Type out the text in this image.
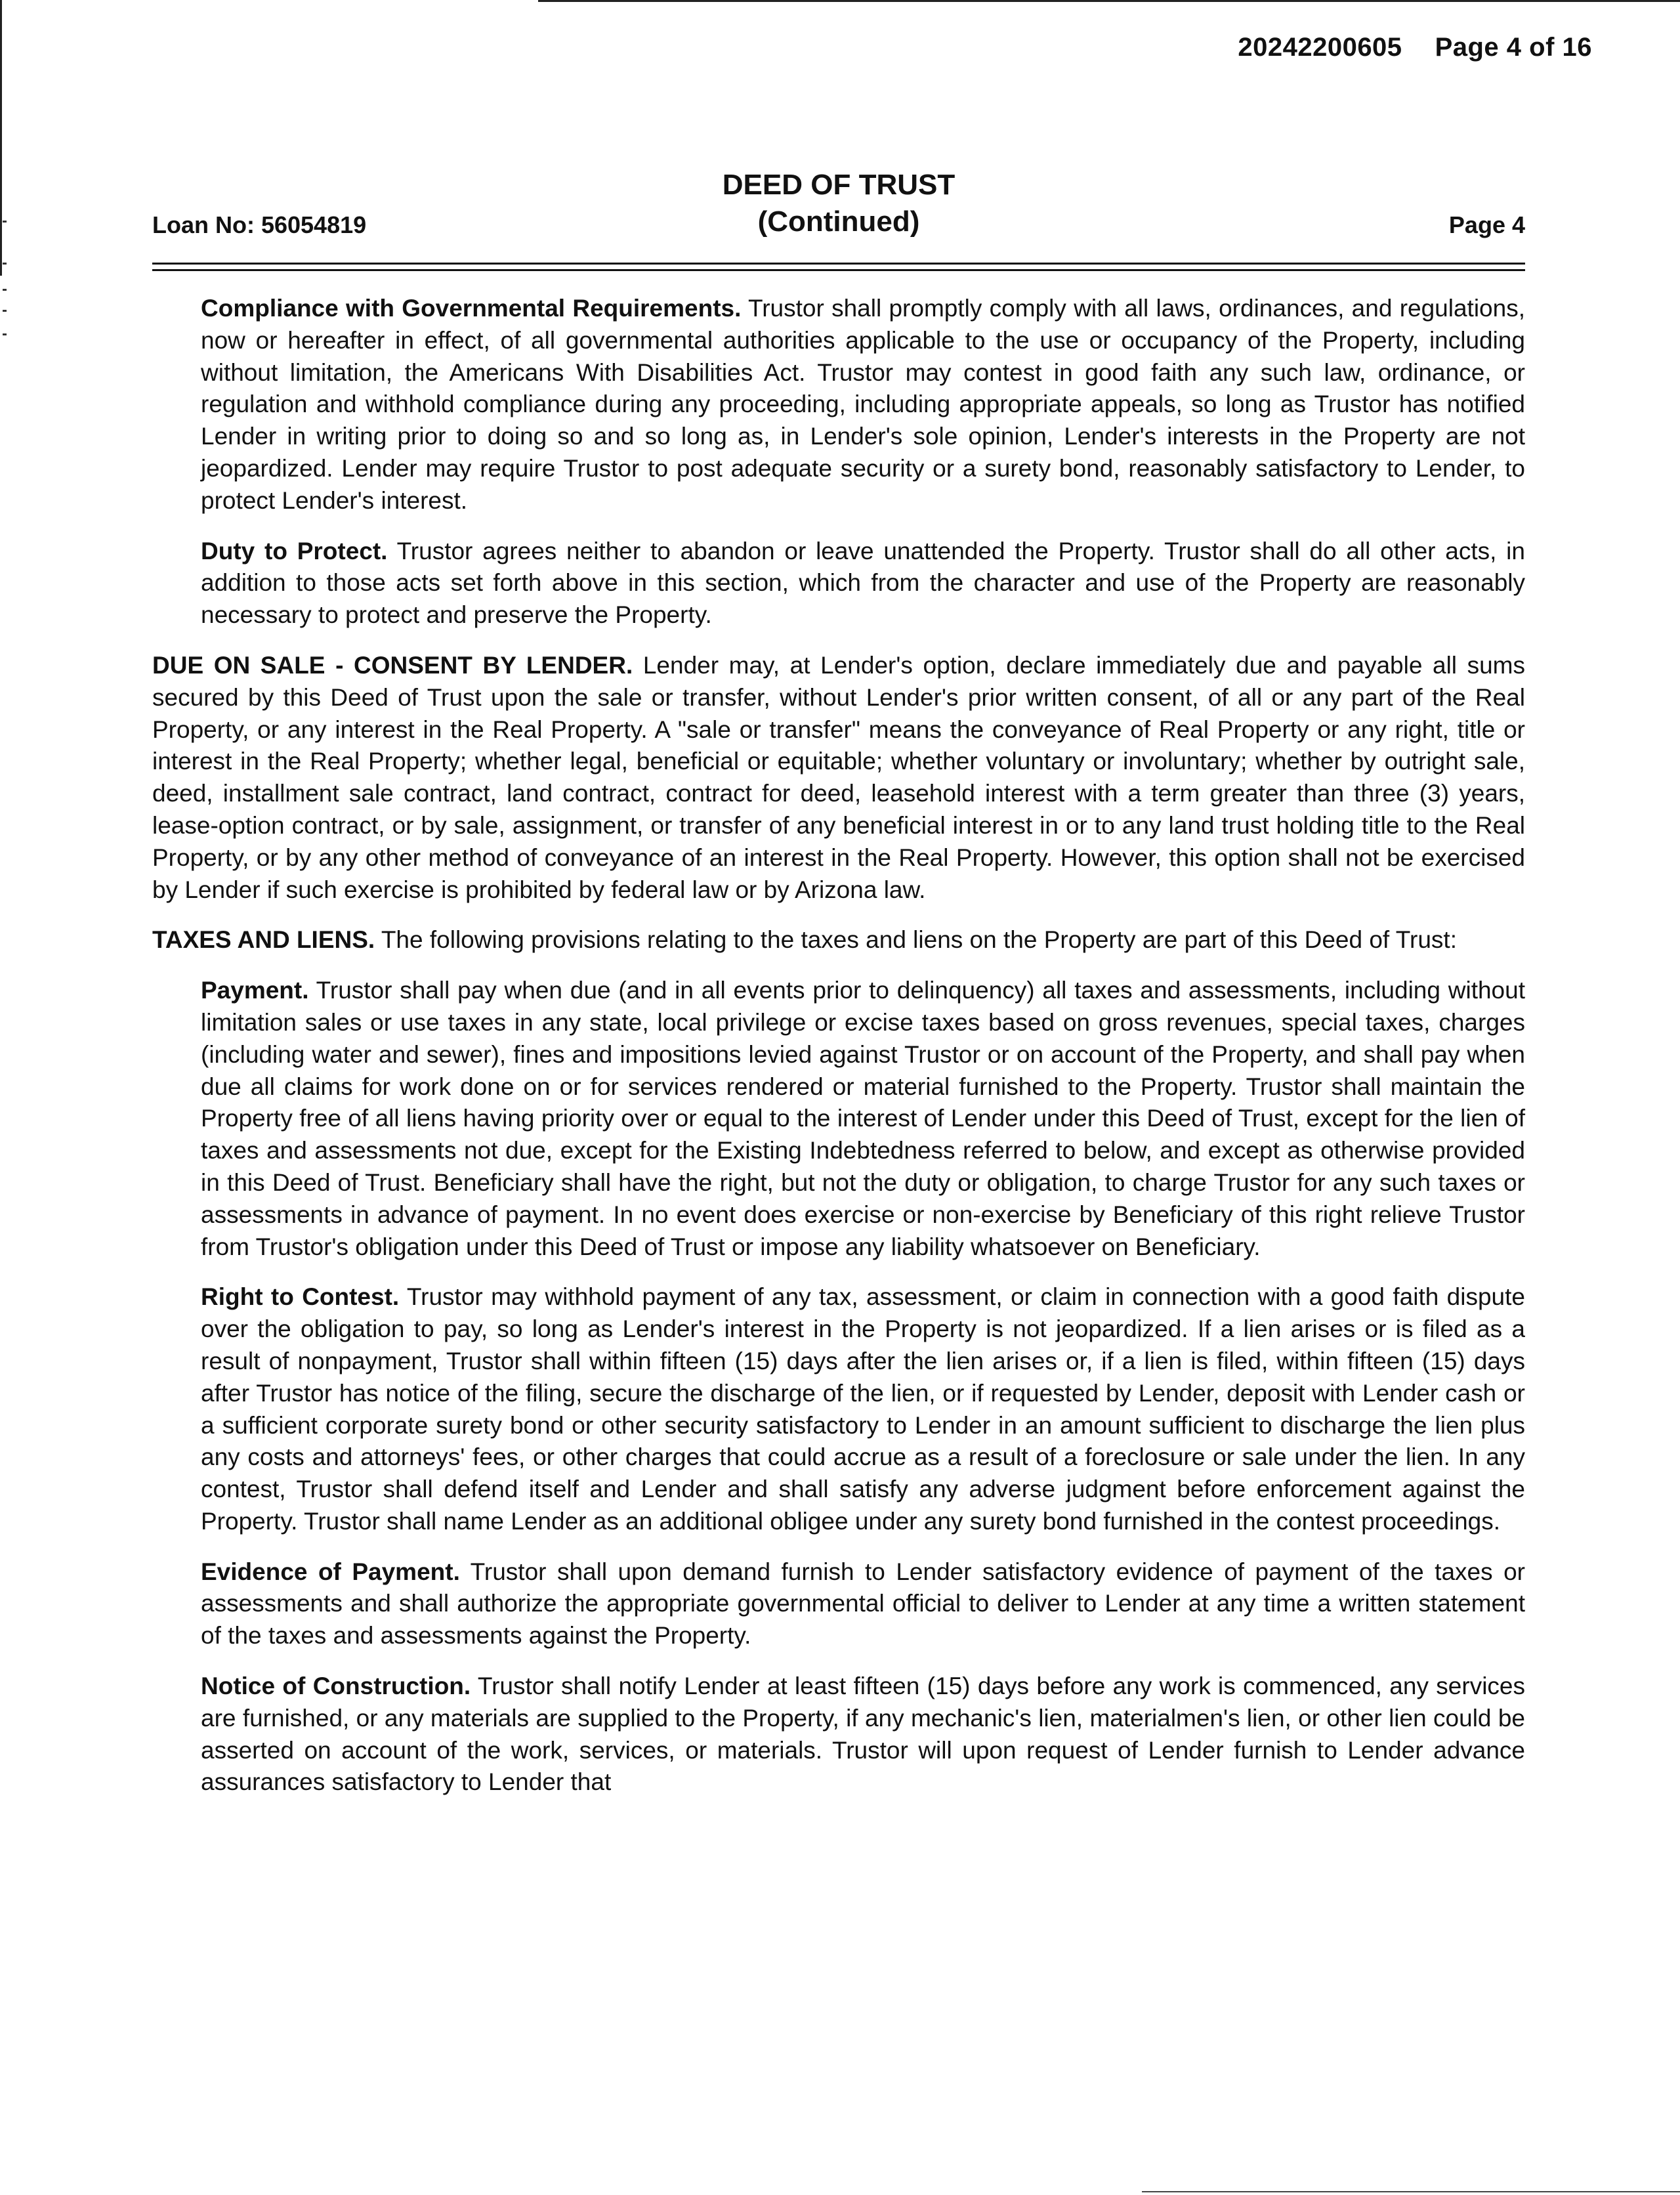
20242200605 Page 4 of 16
Loan No: 56054819
DEED OF TRUST
(Continued)	Page 4

Compliance with Governmental Requirements. Trustor shall promptly comply with all laws, ordinances, and regulations, now or hereafter in effect, of all governmental authorities applicable to the use or occupancy of the Property, including without limitation, the Americans With Disabilities Act. Trustor may contest in good faith any such law, ordinance, or regulation and withhold compliance during any proceeding, including appropriate appeals, so long as Trustor has notified Lender in writing prior to doing so and so long as, in Lender's sole opinion, Lender's interests in the Property are not jeopardized. Lender may require Trustor to post adequate security or a surety bond, reasonably satisfactory to Lender, to protect Lender's interest.

Duty to Protect. Trustor agrees neither to abandon or leave unattended the Property. Trustor shall do all other acts, in addition to those acts set forth above in this section, which from the character and use of the Property are reasonably necessary to protect and preserve the Property.

DUE ON SALE - CONSENT BY LENDER. Lender may, at Lender's option, declare immediately due and payable all sums secured by this Deed of Trust upon the sale or transfer, without Lender's prior written consent, of all or any part of the Real Property, or any interest in the Real Property. A "sale or transfer" means the conveyance of Real Property or any right, title or interest in the Real Property; whether legal, beneficial or equitable; whether voluntary or involuntary; whether by outright sale, deed, installment sale contract, land contract, contract for deed, leasehold interest with a term greater than three (3) years, lease-option contract, or by sale, assignment, or transfer of any beneficial interest in or to any land trust holding title to the Real Property, or by any other method of conveyance of an interest in the Real Property. However, this option shall not be exercised by Lender if such exercise is prohibited by federal law or by Arizona law.

TAXES AND LIENS. The following provisions relating to the taxes and liens on the Property are part of this Deed of Trust:

Payment. Trustor shall pay when due (and in all events prior to delinquency) all taxes and assessments, including without limitation sales or use taxes in any state, local privilege or excise taxes based on gross revenues, special taxes, charges (including water and sewer), fines and impositions levied against Trustor or on account of the Property, and shall pay when due all claims for work done on or for services rendered or material furnished to the Property. Trustor shall maintain the Property free of all liens having priority over or equal to the interest of Lender under this Deed of Trust, except for the lien of taxes and assessments not due, except for the Existing Indebtedness referred to below, and except as otherwise provided in this Deed of Trust. Beneficiary shall have the right, but not the duty or obligation, to charge Trustor for any such taxes or assessments in advance of payment. In no event does exercise or non-exercise by Beneficiary of this right relieve Trustor from Trustor's obligation under this Deed of Trust or impose any liability whatsoever on Beneficiary.

Right to Contest. Trustor may withhold payment of any tax, assessment, or claim in connection with a good faith dispute over the obligation to pay, so long as Lender's interest in the Property is not jeopardized. If a lien arises or is filed as a result of nonpayment, Trustor shall within fifteen (15) days after the lien arises or, if a lien is filed, within fifteen (15) days after Trustor has notice of the filing, secure the discharge of the lien, or if requested by Lender, deposit with Lender cash or a sufficient corporate surety bond or other security satisfactory to Lender in an amount sufficient to discharge the lien plus any costs and attorneys' fees, or other charges that could accrue as a result of a foreclosure or sale under the lien. In any contest, Trustor shall defend itself and Lender and shall satisfy any adverse judgment before enforcement against the Property. Trustor shall name Lender as an additional obligee under any surety bond furnished in the contest proceedings.

Evidence of Payment. Trustor shall upon demand furnish to Lender satisfactory evidence of payment of the taxes or assessments and shall authorize the appropriate governmental official to deliver to Lender at any time a written statement of the taxes and assessments against the Property.

Notice of Construction. Trustor shall notify Lender at least fifteen (15) days before any work is commenced, any services are furnished, or any materials are supplied to the Property, if any mechanic's lien, materialmen's lien, or other lien could be asserted on account of the work, services, or materials. Trustor will upon request of Lender furnish to Lender advance assurances satisfactory to Lender that
